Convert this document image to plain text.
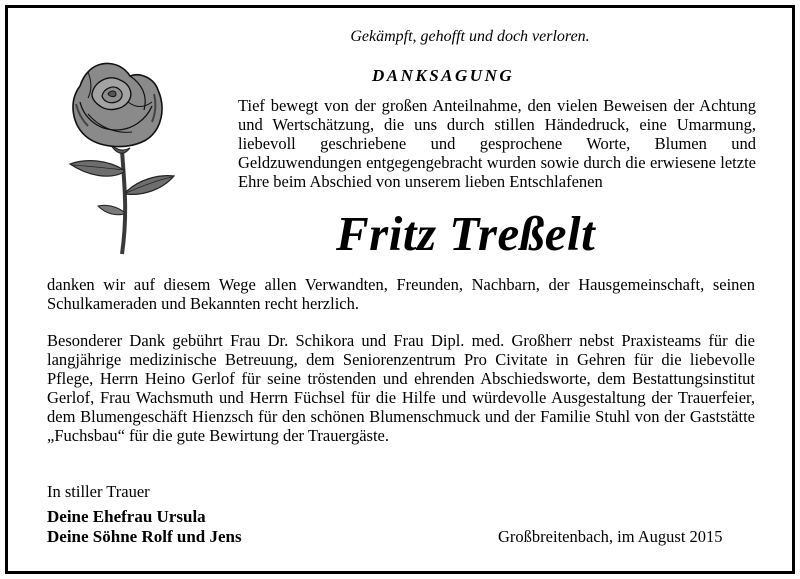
Gekämpft, gehofft und doch verloren.
DANKSAGUNG
Tief bewegt von der großen Anteilnahme, den vielen Beweisen der Achtung und Wertschätzung, die uns durch stillen Händedruck, eine Umarmung, liebevoll geschriebene und gesprochene Worte, Blumen und Geldzuwendungen entgegengebracht wurden sowie durch die erwiesene letzte Ehre beim Abschied von unserem lieben Entschlafenen
Fritz Treßelt
danken wir auf diesem Wege allen Verwandten, Freunden, Nachbarn, der Hausgemeinschaft, seinen Schulkameraden und Bekannten recht herzlich.
Besonderer Dank gebührt Frau Dr. Schikora und Frau Dipl. med. Großherr nebst Praxisteams für die langjährige medizinische Betreuung, dem Seniorenzentrum Pro Civitate in Gehren für die liebevolle Pflege, Herrn Heino Gerlof für seine tröstenden und ehrenden Abschiedsworte, dem Bestattungsinstitut Gerlof, Frau Wachsmuth und Herrn Füchsel für die Hilfe und würdevolle Ausgestaltung der Trauerfeier, dem Blumengeschäft Hienzsch für den schönen Blumenschmuck und der Familie Stuhl von der Gaststätte „Fuchsbau“ für die gute Bewirtung der Trauergäste.
In stiller Trauer
Deine Ehefrau Ursula
Deine Söhne Rolf und Jens	Großbreitenbach, im August 2015
